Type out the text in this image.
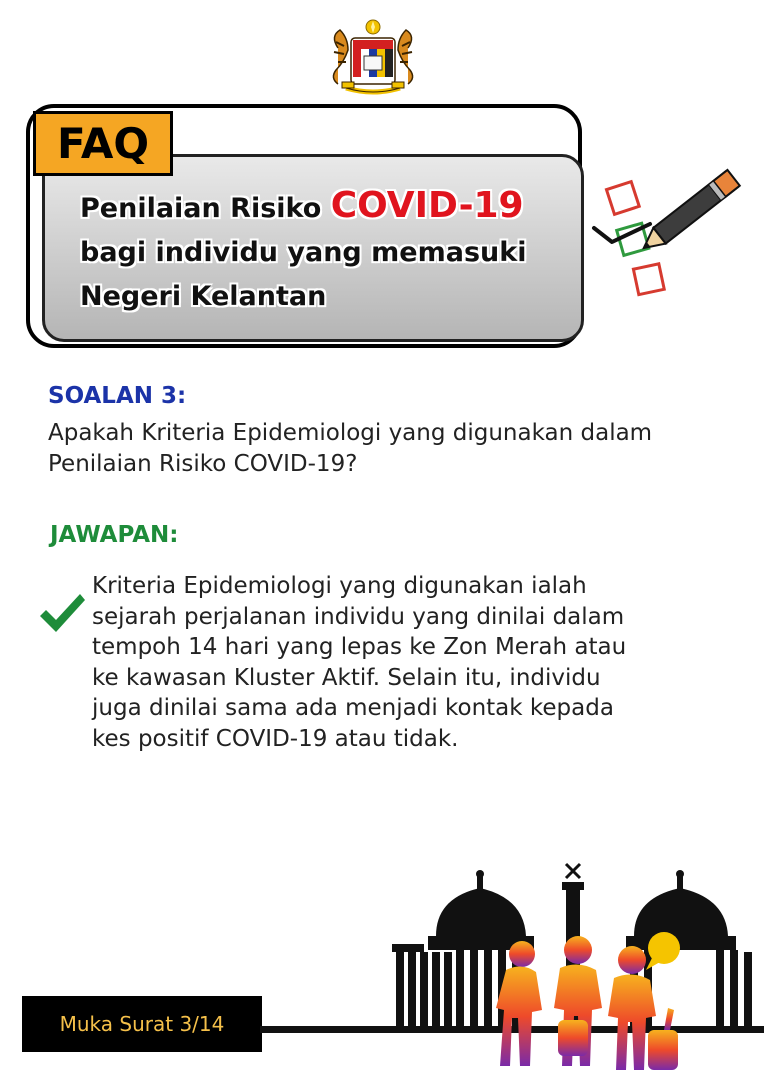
FAQ
Penilaian Risiko COVID-19
bagi individu yang memasuki
Negeri Kelantan
SOALAN 3:
Apakah Kriteria Epidemiologi yang digunakan dalam Penilaian Risiko COVID-19?
JAWAPAN:
Kriteria Epidemiologi yang digunakan ialah
sejarah perjalanan individu yang dinilai dalam
tempoh 14 hari yang lepas ke Zon Merah atau
ke kawasan Kluster Aktif. Selain itu, individu
juga dinilai sama ada menjadi kontak kepada
kes positif COVID-19 atau tidak.
Muka Surat 3/14
